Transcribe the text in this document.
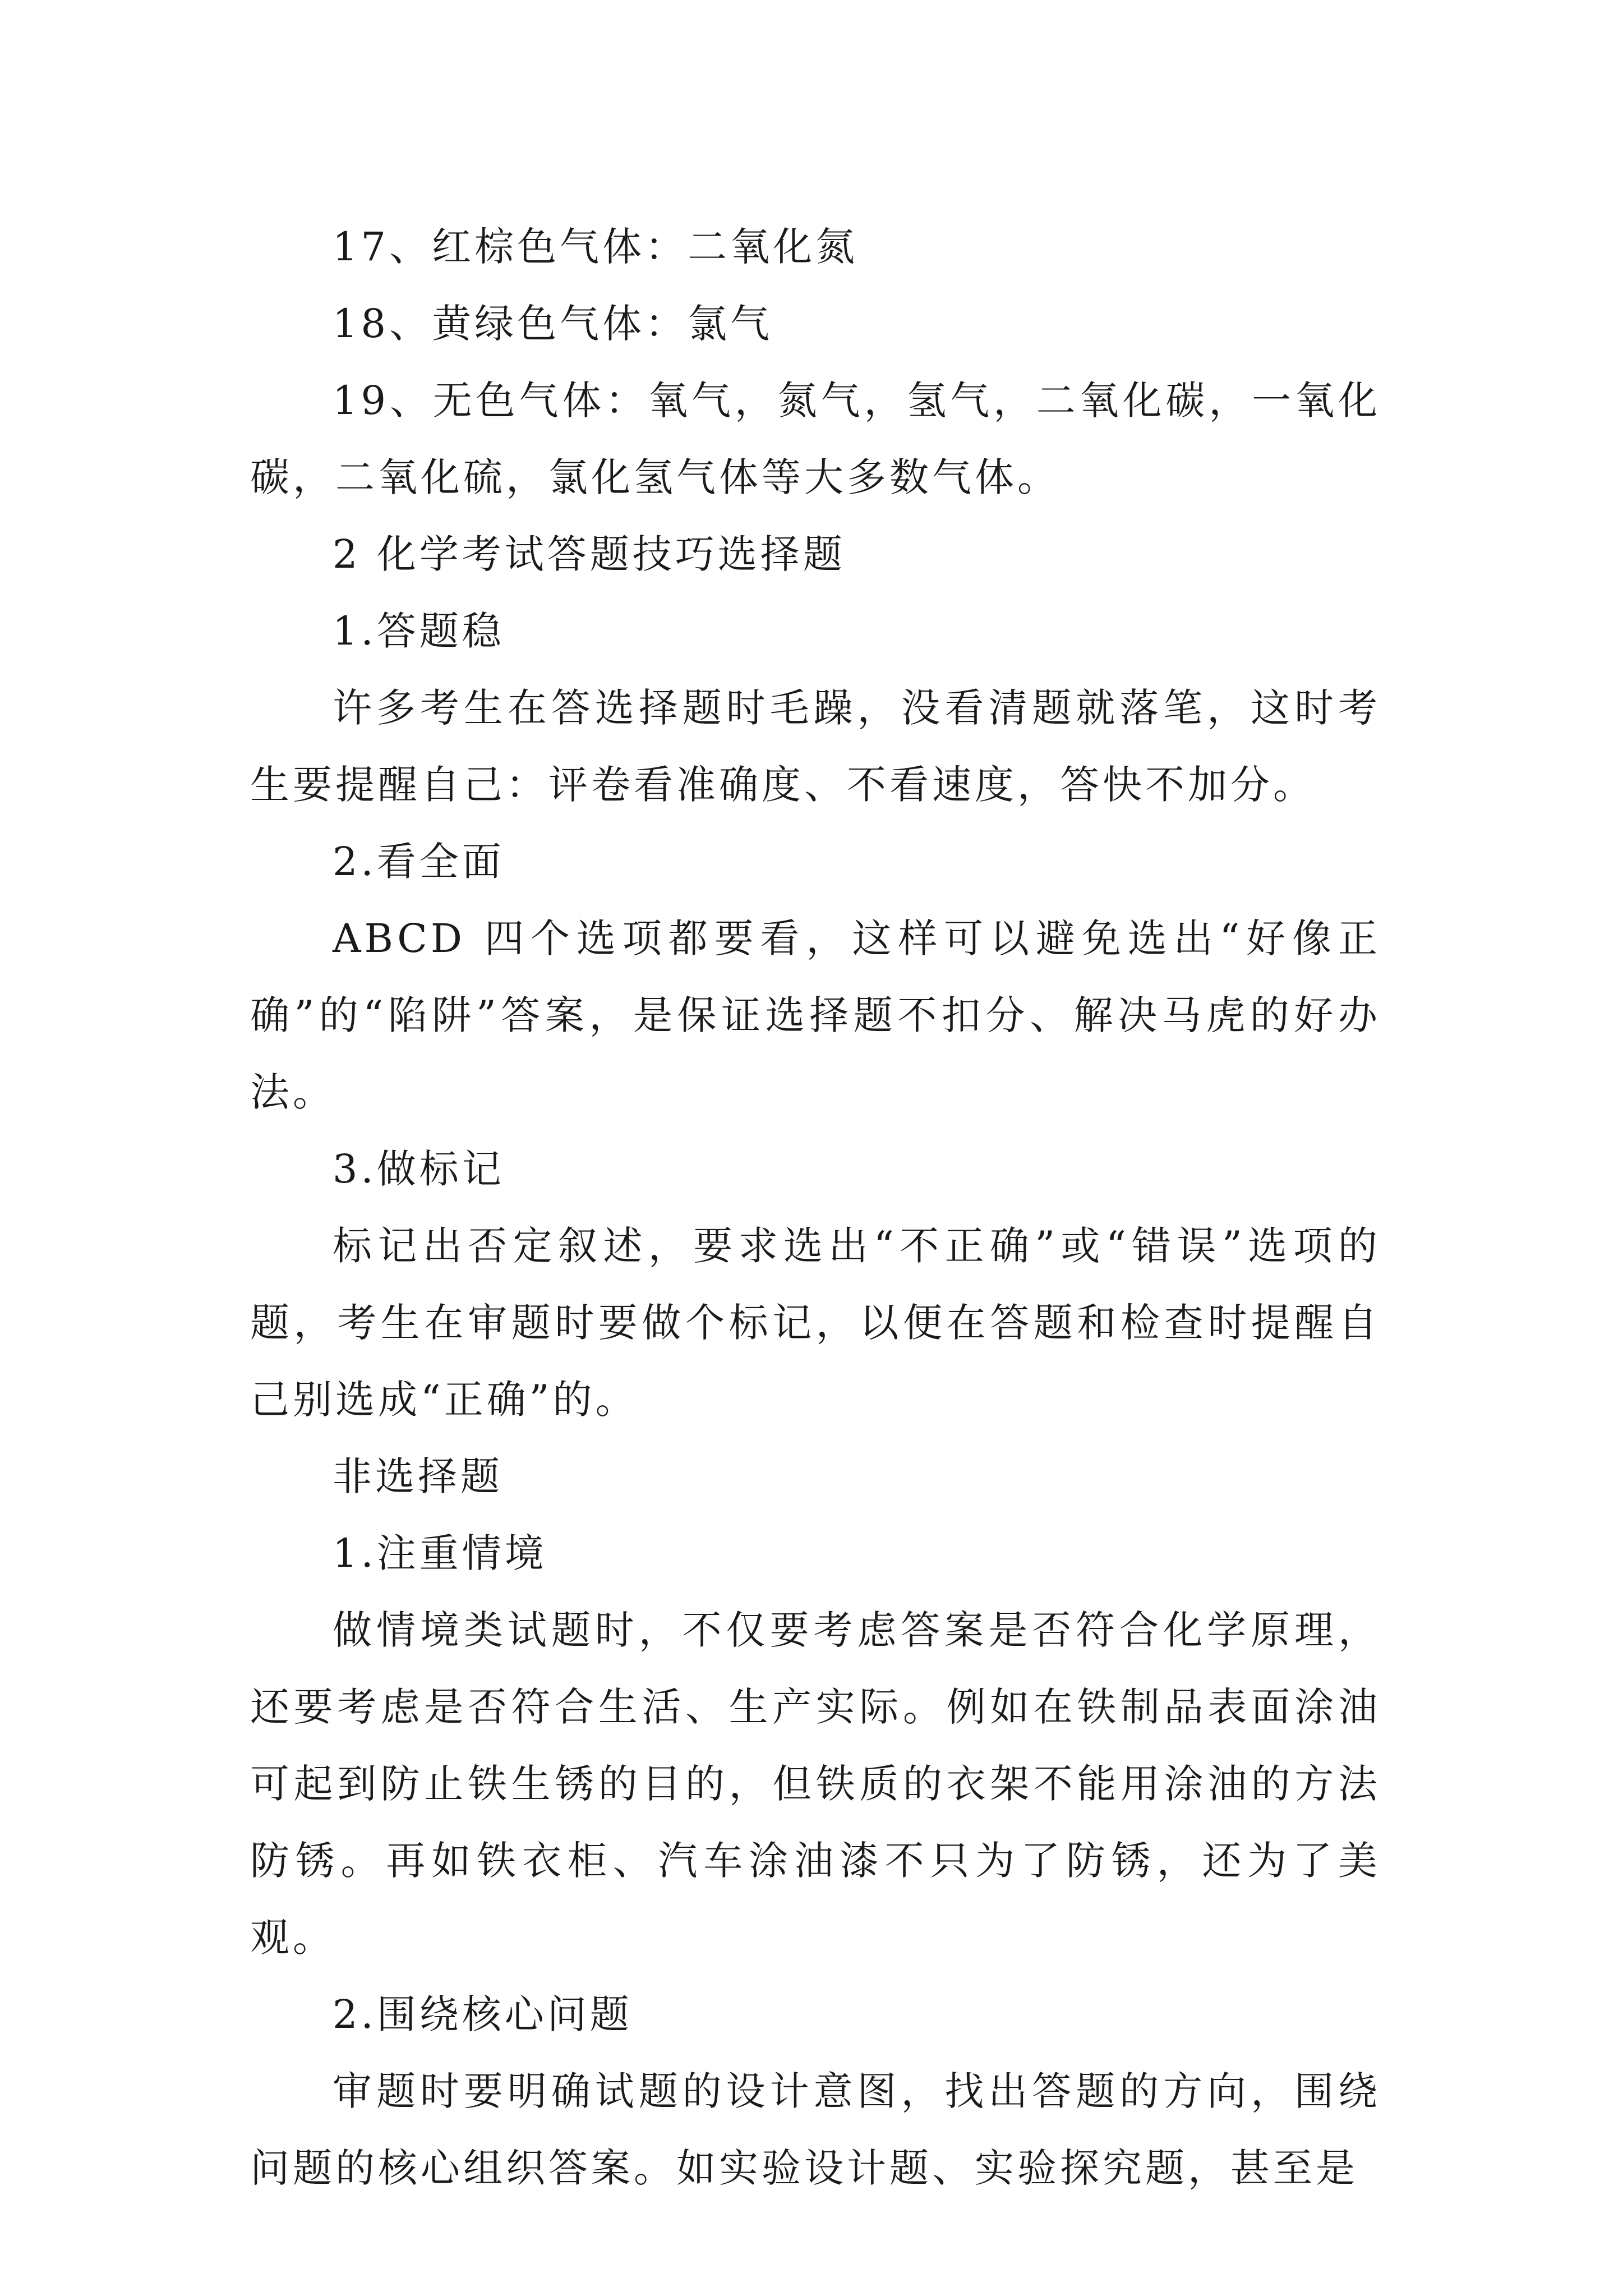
17、红棕色气体：二氧化氮

18、黄绿色气体：氯气

19、无色气体：氧气，氮气，氢气，二氧化碳，一氧化碳，二氧化硫，氯化氢气体等大多数气体。

2 化学考试答题技巧选择题

1.答题稳

许多考生在答选择题时毛躁，没看清题就落笔，这时考生要提醒自己：评卷看准确度、不看速度，答快不加分。

2.看全面

ABCD 四个选项都要看，这样可以避免选出“好像正确”的“陷阱”答案，是保证选择题不扣分、解决马虎的好办法。

3.做标记

标记出否定叙述，要求选出“不正确”或“错误”选项的题，考生在审题时要做个标记，以便在答题和检查时提醒自己别选成“正确”的。

非选择题

1.注重情境

做情境类试题时，不仅要考虑答案是否符合化学原理，还要考虑是否符合生活、生产实际。例如在铁制品表面涂油可起到防止铁生锈的目的，但铁质的衣架不能用涂油的方法防锈。再如铁衣柜、汽车涂油漆不只为了防锈，还为了美观。

2.围绕核心问题

审题时要明确试题的设计意图，找出答题的方向，围绕问题的核心组织答案。如实验设计题、实验探究题，甚至是
